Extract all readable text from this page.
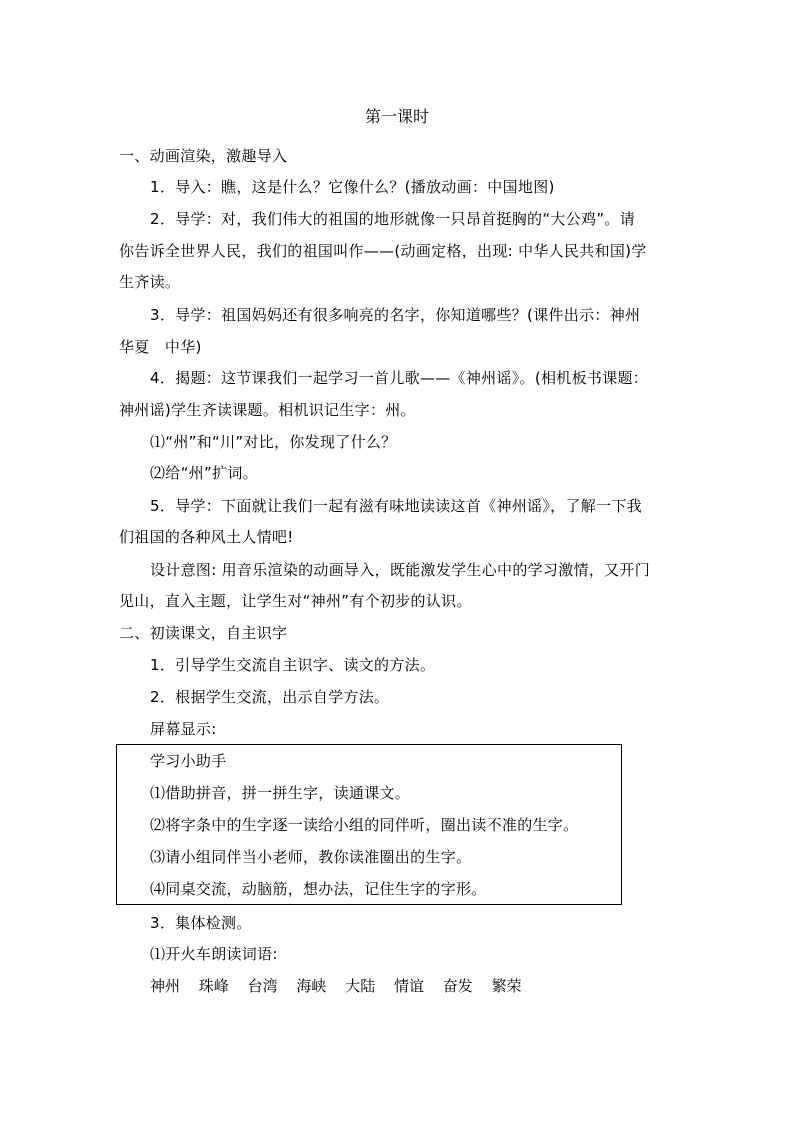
第一课时
一、动画渲染，激趣导入
1．导入：瞧，这是什么？它像什么？(播放动画：中国地图)
2．导学：对，我们伟大的祖国的地形就像一只昂首挺胸的“大公鸡”。请
你告诉全世界人民，我们的祖国叫作——(动画定格，出现: 中华人民共和国)学
生齐读。
3．导学：祖国妈妈还有很多响亮的名字，你知道哪些？(课件出示：神州
华夏　中华)
4．揭题：这节课我们一起学习一首儿歌——《神州谣》。(相机板书课题：
神州谣)学生齐读课题。相机识记生字：州。
⑴“州”和“川”对比，你发现了什么？
⑵给“州”扩词。
5．导学：下面就让我们一起有滋有味地读读这首《神州谣》，了解一下我
们祖国的各种风土人情吧!
设计意图: 用音乐渲染的动画导入，既能激发学生心中的学习激情，又开门
见山，直入主题，让学生对“神州”有个初步的认识。
二、初读课文，自主识字
1．引导学生交流自主识字、读文的方法。
2．根据学生交流，出示自学方法。
屏幕显示:
学习小助手
⑴借助拼音，拼一拼生字，读通课文。
⑵将字条中的生字逐一读给小组的同伴听，圈出读不准的生字。
⑶请小组同伴当小老师，教你读准圈出的生字。
⑷同桌交流，动脑筋，想办法，记住生字的字形。
3．集体检测。
⑴开火车朗读词语:
神州 珠峰 台湾 海峡 大陆 情谊 奋发 繁荣
